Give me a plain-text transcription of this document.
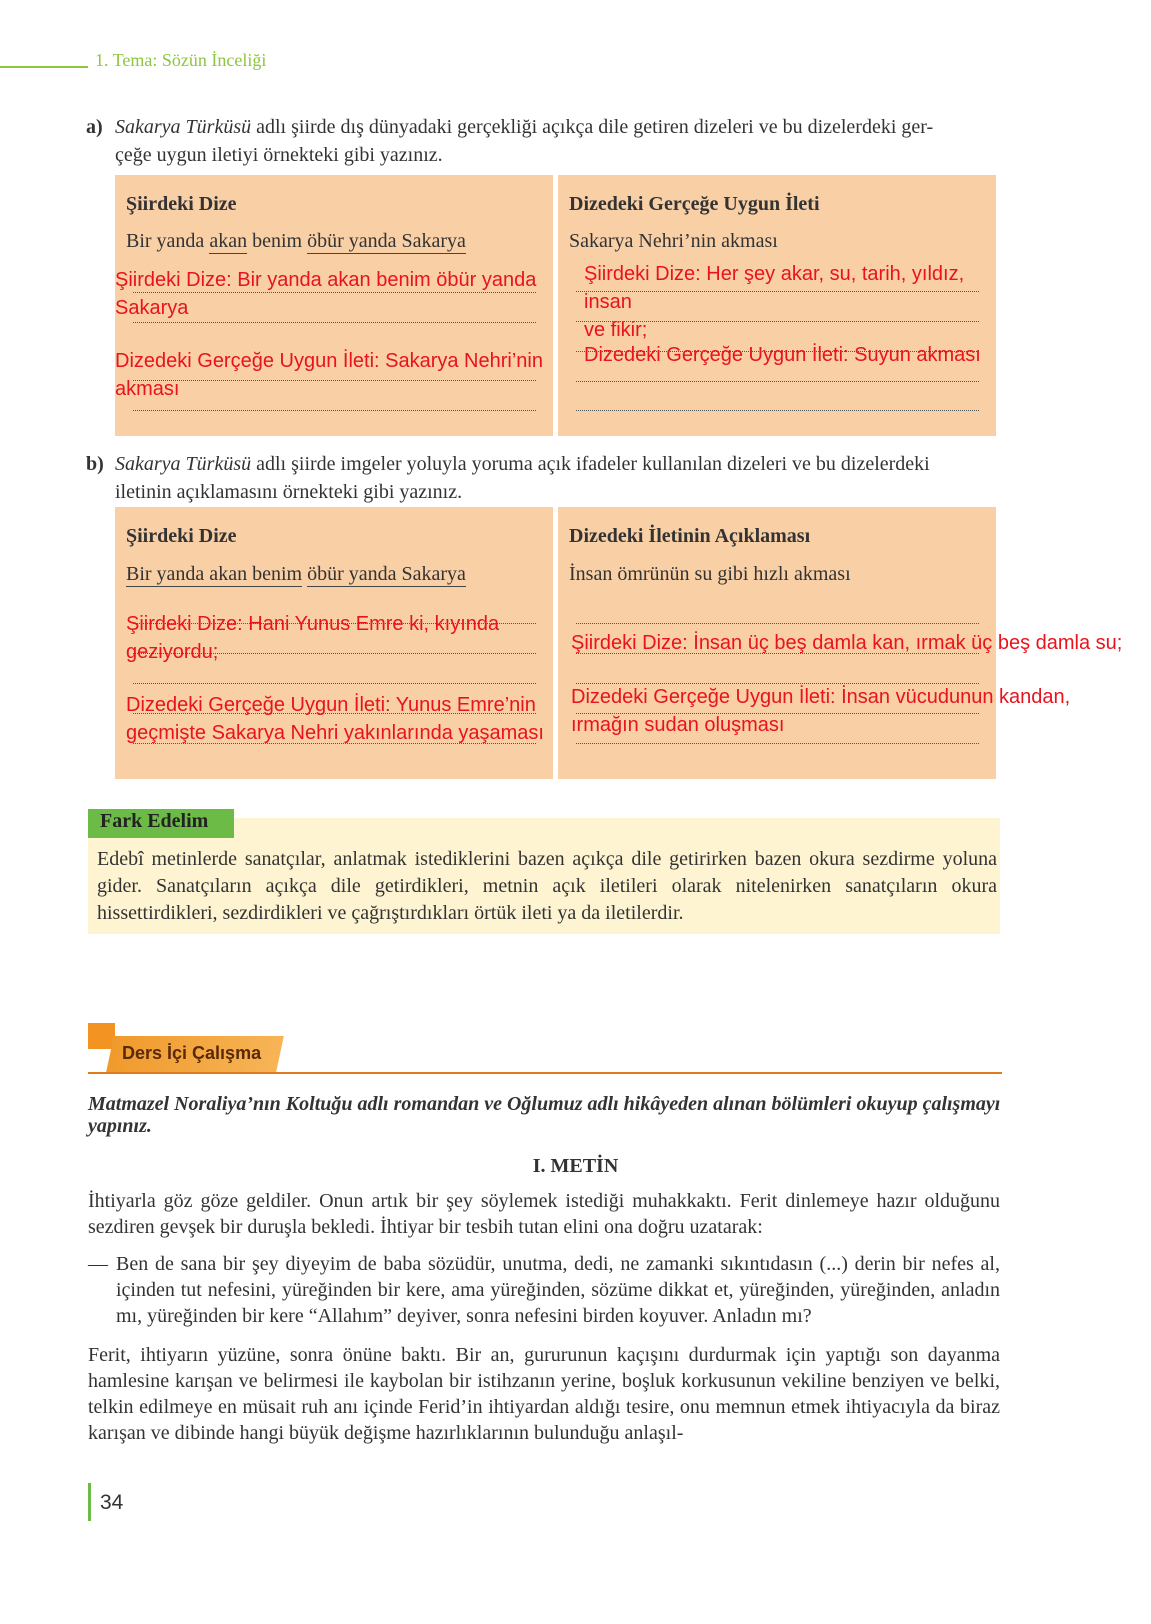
1. Tema: Sözün İnceliği
a) Sakarya Türküsü adlı şiirde dış dünyadaki gerçekliği açıkça dile getiren dizeleri ve bu dizelerdeki ger-
çeğe uygun iletiyi örnekteki gibi yazınız.
Şiirdeki Dize
Bir yanda akan benim öbür yanda Sakarya
Şiirdeki Dize: Bir yanda akan benim öbür yanda
Sakarya
Dizedeki Gerçeğe Uygun İleti: Sakarya Nehri’nin
akması
Dizedeki Gerçeğe Uygun İleti
Sakarya Nehri’nin akması
Şiirdeki Dize: Her şey akar, su, tarih, yıldız, insan
ve fikir;
Dizedeki Gerçeğe Uygun İleti: Suyun akması
b) Sakarya Türküsü adlı şiirde imgeler yoluyla yoruma açık ifadeler kullanılan dizeleri ve bu dizelerdeki
iletinin açıklamasını örnekteki gibi yazınız.
Şiirdeki Dize
Bir yanda akan benim öbür yanda Sakarya
Şiirdeki Dize: Hani Yunus Emre ki, kıyında
geziyordu;
Dizedeki Gerçeğe Uygun İleti: Yunus Emre’nin
geçmişte Sakarya Nehri yakınlarında yaşaması
Dizedeki İletinin Açıklaması
İnsan ömrünün su gibi hızlı akması
Şiirdeki Dize: İnsan üç beş damla kan, ırmak üç beş damla su;
Dizedeki Gerçeğe Uygun İleti: İnsan vücudunun kandan,
ırmağın sudan oluşması
Fark Edelim
Edebî metinlerde sanatçılar, anlatmak istediklerini bazen açıkça dile getirirken bazen okura sezdirme yoluna gider. Sanatçıların açıkça dile getirdikleri, metnin açık iletileri olarak nitelenirken sanatçıların okura hissettirdikleri, sezdirdikleri ve çağrıştırdıkları örtük ileti ya da iletilerdir.
Ders İçi Çalışma
Matmazel Noraliya’nın Koltuğu adlı romandan ve Oğlumuz adlı hikâyeden alınan bölümleri okuyup çalışmayı yapınız.
I. METİN
İhtiyarla göz göze geldiler. Onun artık bir şey söylemek istediği muhakkaktı. Ferit dinlemeye hazır olduğunu sezdiren gevşek bir duruşla bekledi. İhtiyar bir tesbih tutan elini ona doğru uzatarak:
— Ben de sana bir şey diyeyim de baba sözüdür, unutma, dedi, ne zamanki sıkıntıdasın (...) derin bir nefes al, içinden tut nefesini, yüreğinden bir kere, ama yüreğinden, sözüme dikkat et, yüreğinden, yüreğinden, anladın mı, yüreğinden bir kere “Allahım” deyiver, sonra nefesini birden koyuver. Anladın mı?
Ferit, ihtiyarın yüzüne, sonra önüne baktı. Bir an, gururunun kaçışını durdurmak için yaptığı son dayanma hamlesine karışan ve belirmesi ile kaybolan bir istihzanın yerine, boşluk korkusunun vekiline benziyen ve belki, telkin edilmeye en müsait ruh anı içinde Ferid’in ihtiyardan aldığı tesire, onu memnun etmek ihtiyacıyla da biraz karışan ve dibinde hangi büyük değişme hazırlıklarının bulunduğu anlaşıl-
34
